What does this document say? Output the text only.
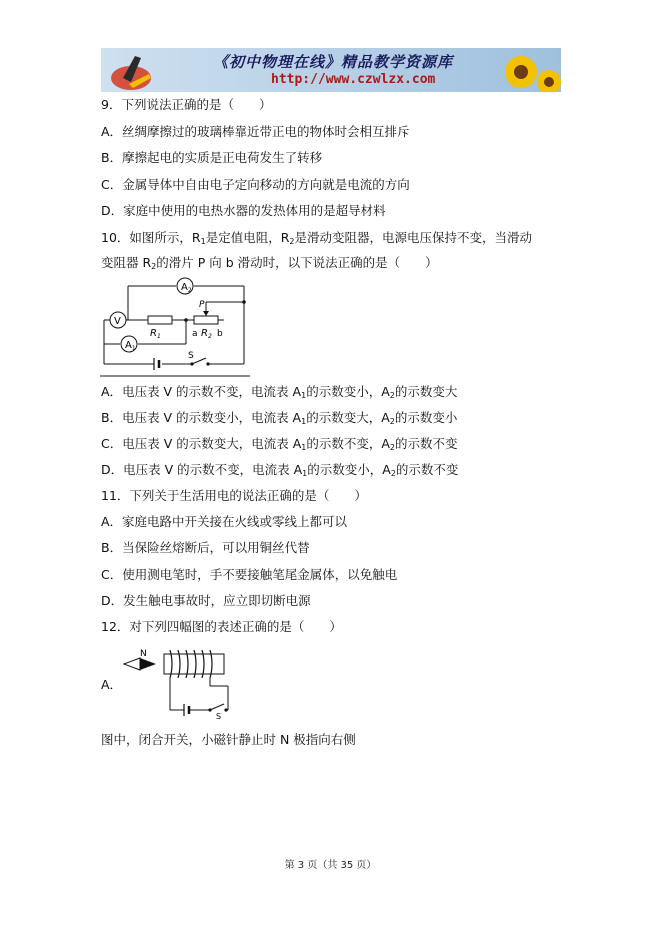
《初中物理在线》精品教学资源库
http://www.czwlzx.com
9．下列说法正确的是（　　）
A．丝绸摩擦过的玻璃棒靠近带正电的物体时会相互排斥
B．摩擦起电的实质是正电荷发生了转移
C．金属导体中自由电子定向移动的方向就是电流的方向
D．家庭中使用的电热水器的发热体用的是超导材料
10．如图所示，$R_1$是定值电阻，$R_2$是滑动变阻器，电源电压保持不变，当滑动
变阻器 $R_2$的滑片 P 向 b 滑动时，以下说法正确的是（　　）
$A_2$
V
$A_1$
$R_1$
P
a $R_2$ b
S
A．电压表 V 的示数不变，电流表 $A_1$的示数变小，$A_2$的示数变大
B．电压表 V 的示数变小，电流表 $A_1$的示数变大，$A_2$的示数变小
C．电压表 V 的示数变大，电流表 $A_1$的示数不变，$A_2$的示数不变
D．电压表 V 的示数不变，电流表 $A_1$的示数变小，$A_2$的示数不变
11．下列关于生活用电的说法正确的是（　　）
A．家庭电路中开关接在火线或零线上都可以
B．当保险丝熔断后，可以用铜丝代替
C．使用测电笔时，手不要接触笔尾金属体，以免触电
D．发生触电事故时，应立即切断电源
12．对下列四幅图的表述正确的是（　　）
A．
N
S
图中，闭合开关，小磁针静止时 N 极指向右侧
第 3 页（共 35 页）
